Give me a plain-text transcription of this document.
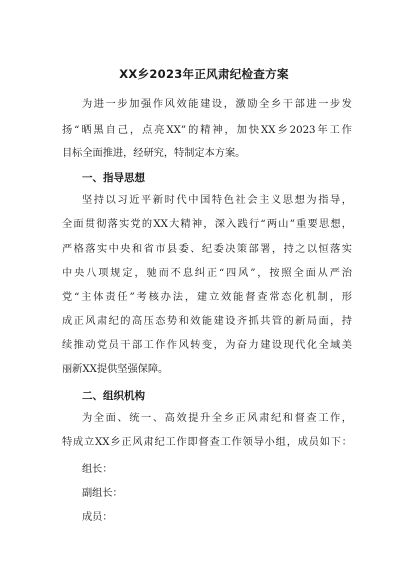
XX乡2023年正风肃纪检查方案
为进一步加强作风效能建设，激励全乡干部进一步发
扬“晒黑自己，点亮XX”的精神，加快XX乡2023年工作
目标全面推进，经研究，特制定本方案。
一、指导思想
坚持以习近平新时代中国特色社会主义思想为指导，
全面贯彻落实党的XX大精神，深入践行“两山”重要思想，
严格落实中央和省市县委、纪委决策部署，持之以恒落实
中央八项规定，驰而不息纠正“四风”，按照全面从严治
党“主体责任”考核办法，建立效能督查常态化机制，形
成正风肃纪的高压态势和效能建设齐抓共管的新局面，持
续推动党员干部工作作风转变，为奋力建设现代化全域美
丽新XX提供坚强保障。
二、组织机构
为全面、统一、高效提升全乡正风肃纪和督查工作，
特成立XX乡正风肃纪工作即督查工作领导小组，成员如下：
组长：
副组长：
成员：
